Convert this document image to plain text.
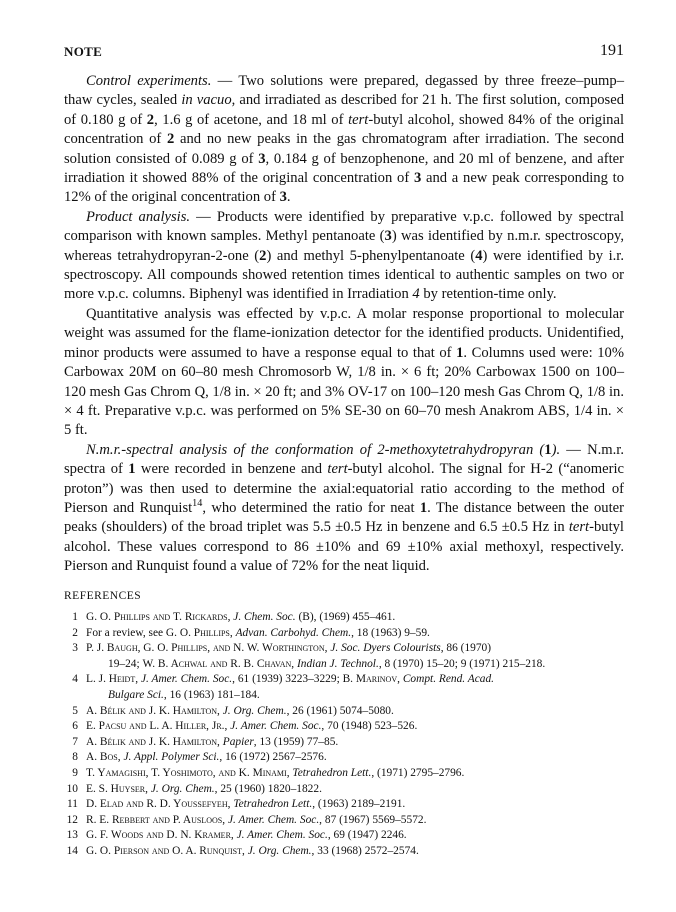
NOTE	191

Control experiments. — Two solutions were prepared, degassed by three freeze–pump–thaw cycles, sealed in vacuo, and irradiated as described for 21 h. The first solution, composed of 0.180 g of 2, 1.6 g of acetone, and 18 ml of tert-butyl alcohol, showed 84% of the original concentration of 2 and no new peaks in the gas chromatogram after irradiation. The second solution consisted of 0.089 g of 3, 0.184 g of benzophenone, and 20 ml of benzene, and after irradiation it showed 88% of the original concentration of 3 and a new peak corresponding to 12% of the original concentration of 3.

Product analysis. — Products were identified by preparative v.p.c. followed by spectral comparison with known samples. Methyl pentanoate (3) was identified by n.m.r. spectroscopy, whereas tetrahydropyran-2-one (2) and methyl 5-phenylpentanoate (4) were identified by i.r. spectroscopy. All compounds showed retention times identical to authentic samples on two or more v.p.c. columns. Biphenyl was identified in Irradiation 4 by retention-time only.

Quantitative analysis was effected by v.p.c. A molar response proportional to molecular weight was assumed for the flame-ionization detector for the identified products. Unidentified, minor products were assumed to have a response equal to that of 1. Columns used were: 10% Carbowax 20M on 60–80 mesh Chromosorb W, 1/8 in. × 6 ft; 20% Carbowax 1500 on 100–120 mesh Gas Chrom Q, 1/8 in. × 20 ft; and 3% OV-17 on 100–120 mesh Gas Chrom Q, 1/8 in. × 4 ft. Preparative v.p.c. was performed on 5% SE-30 on 60–70 mesh Anakrom ABS, 1/4 in. × 5 ft.

N.m.r.-spectral analysis of the conformation of 2-methoxytetrahydropyran (1). — N.m.r. spectra of 1 were recorded in benzene and tert-butyl alcohol. The signal for H-2 (“anomeric proton”) was then used to determine the axial:equatorial ratio according to the method of Pierson and Runquist$^{14}$, who determined the ratio for neat 1. The distance between the outer peaks (shoulders) of the broad triplet was 5.5 ±0.5 Hz in benzene and 6.5 ±0.5 Hz in tert-butyl alcohol. These values correspond to 86 ±10% and 69 ±10% axial methoxyl, respectively. Pierson and Runquist found a value of 72% for the neat liquid.

REFERENCES
1 G. O. Phillips and T. Rickards, J. Chem. Soc. (B), (1969) 455–461.
2 For a review, see G. O. Phillips, Advan. Carbohyd. Chem., 18 (1963) 9–59.
3 P. J. Baugh, G. O. Phillips, and N. W. Worthington, J. Soc. Dyers Colourists, 86 (1970)
19–24; W. B. Achwal and R. B. Chavan, Indian J. Technol., 8 (1970) 15–20; 9 (1971) 215–218.
4 L. J. Heidt, J. Amer. Chem. Soc., 61 (1939) 3223–3229; B. Marinov, Compt. Rend. Acad.
Bulgare Sci., 16 (1963) 181–184.
5 A. Bélik and J. K. Hamilton, J. Org. Chem., 26 (1961) 5074–5080.
6 E. Pacsu and L. A. Hiller, Jr., J. Amer. Chem. Soc., 70 (1948) 523–526.
7 A. Bélik and J. K. Hamilton, Papier, 13 (1959) 77–85.
8 A. Bos, J. Appl. Polymer Sci., 16 (1972) 2567–2576.
9 T. Yamagishi, T. Yoshimoto, and K. Minami, Tetrahedron Lett., (1971) 2795–2796.
10 E. S. Huyser, J. Org. Chem., 25 (1960) 1820–1822.
11 D. Elad and R. D. Youssefyeh, Tetrahedron Lett., (1963) 2189–2191.
12 R. E. Rebbert and P. Ausloos, J. Amer. Chem. Soc., 87 (1967) 5569–5572.
13 G. F. Woods and D. N. Kramer, J. Amer. Chem. Soc., 69 (1947) 2246.
14 G. O. Pierson and O. A. Runquist, J. Org. Chem., 33 (1968) 2572–2574.
